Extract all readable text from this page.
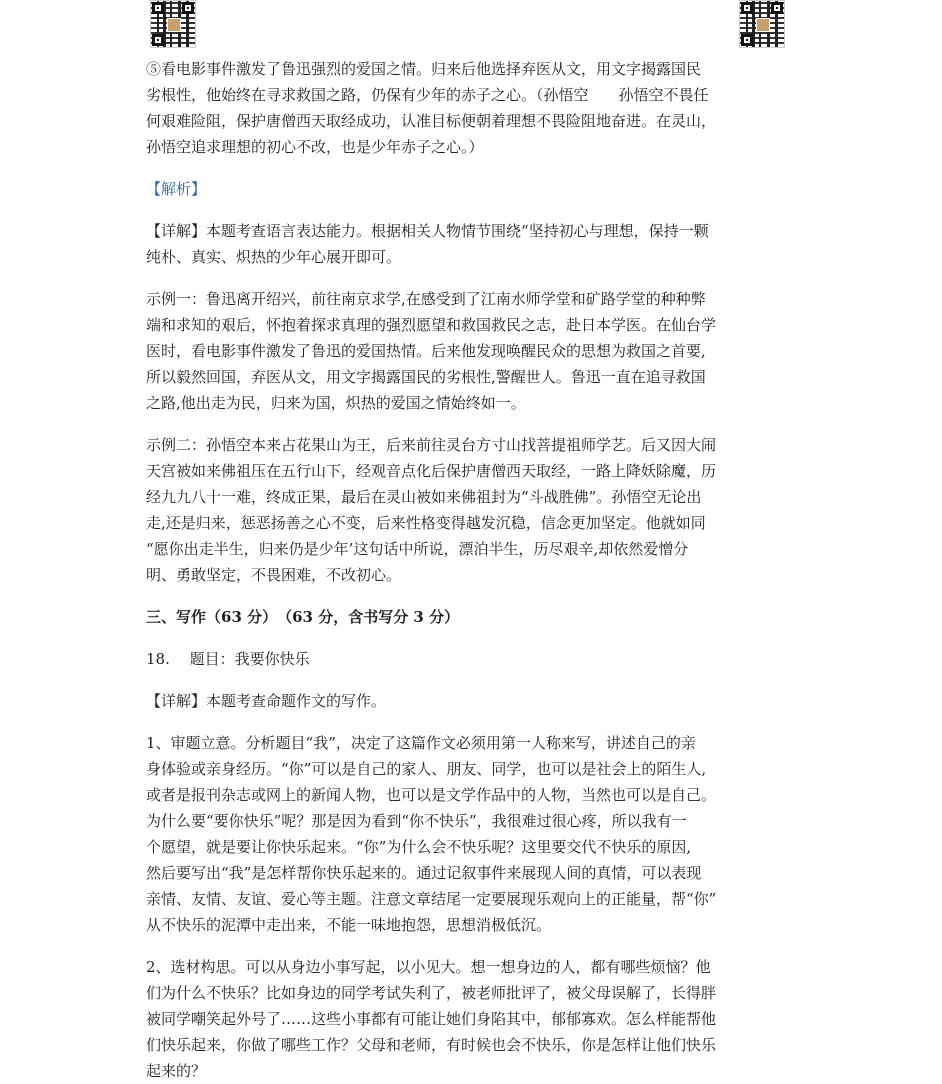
⑤看电影事件激发了鲁迅强烈的爱国之情。归来后他选择弃医从文，用文字揭露国民
劣根性，他始终在寻求救国之路，仍保有少年的赤子之心。（孙悟空　　孙悟空不畏任
何艰难险阻，保护唐僧西天取经成功，认准目标便朝着理想不畏险阻地奋进。在灵山，
孙悟空追求理想的初心不改，也是少年赤子之心。）

【解析】

【详解】本题考查语言表达能力。根据相关人物情节围绕“坚持初心与理想，保持一颗
纯朴、真实、炽热的少年心展开即可。

示例一：鲁迅离开绍兴，前往南京求学,在感受到了江南水师学堂和矿路学堂的种种弊
端和求知的艰后，怀抱着探求真理的强烈愿望和救国救民之志，赴日本学医。在仙台学
医时，看电影事件激发了鲁迅的爱国热情。后来他发现唤醒民众的思想为救国之首要,
所以毅然回国，弃医从文，用文字揭露国民的劣根性,警醒世人。鲁迅一直在追寻救国
之路,他出走为民，归来为国，炽热的爱国之情始终如一。

示例二：孙悟空本来占花果山为王，后来前往灵台方寸山找菩提祖师学艺。后又因大闹
天宫被如来佛祖压在五行山下，经观音点化后保护唐僧西天取经，一路上降妖除魔，历
经九九八十一难，终成正果，最后在灵山被如来佛祖封为“斗战胜佛”。孙悟空无论出
走,还是归来，惩恶扬善之心不变，后来性格变得越发沉稳，信念更加坚定。他就如同
“愿你出走半生，归来仍是少年’这句话中所说，漂泊半生，历尽艰辛,却依然爱憎分
明、勇敢坚定，不畏困难，不改初心。

三、写作（63 分）　（63 分，含书写分 3 分）

18.　 题目：我要你快乐

【详解】本题考查命题作文的写作。

1、审题立意。分析题目“我”，决定了这篇作文必须用第一人称来写，讲述自己的亲
身体验或亲身经历。“你”可以是自己的家人、朋友、同学，也可以是社会上的陌生人,
或者是报刊杂志或网上的新闻人物，也可以是文学作品中的人物，当然也可以是自己。
为什么要“要你快乐”呢？那是因为看到“你不快乐”，我很难过很心疼，所以我有一
个愿望，就是要让你快乐起来。“你”为什么会不快乐呢？这里要交代不快乐的原因,
然后要写出“我”是怎样帮你快乐起来的。通过记叙事件来展现人间的真情，可以表现
亲情、友情、友谊、爱心等主题。注意文章结尾一定要展现乐观向上的正能量，帮“你”
从不快乐的泥潭中走出来，不能一味地抱怨，思想消极低沉。

2、选材构思。可以从身边小事写起，以小见大。想一想身边的人，都有哪些烦恼？他
们为什么不快乐？比如身边的同学考试失利了，被老师批评了，被父母误解了，长得胖
被同学嘲笑起外号了……这些小事都有可能让她们身陷其中，郁郁寡欢。怎么样能帮他
们快乐起来，你做了哪些工作？父母和老师，有时候也会不快乐，你是怎样让他们快乐
起来的？
